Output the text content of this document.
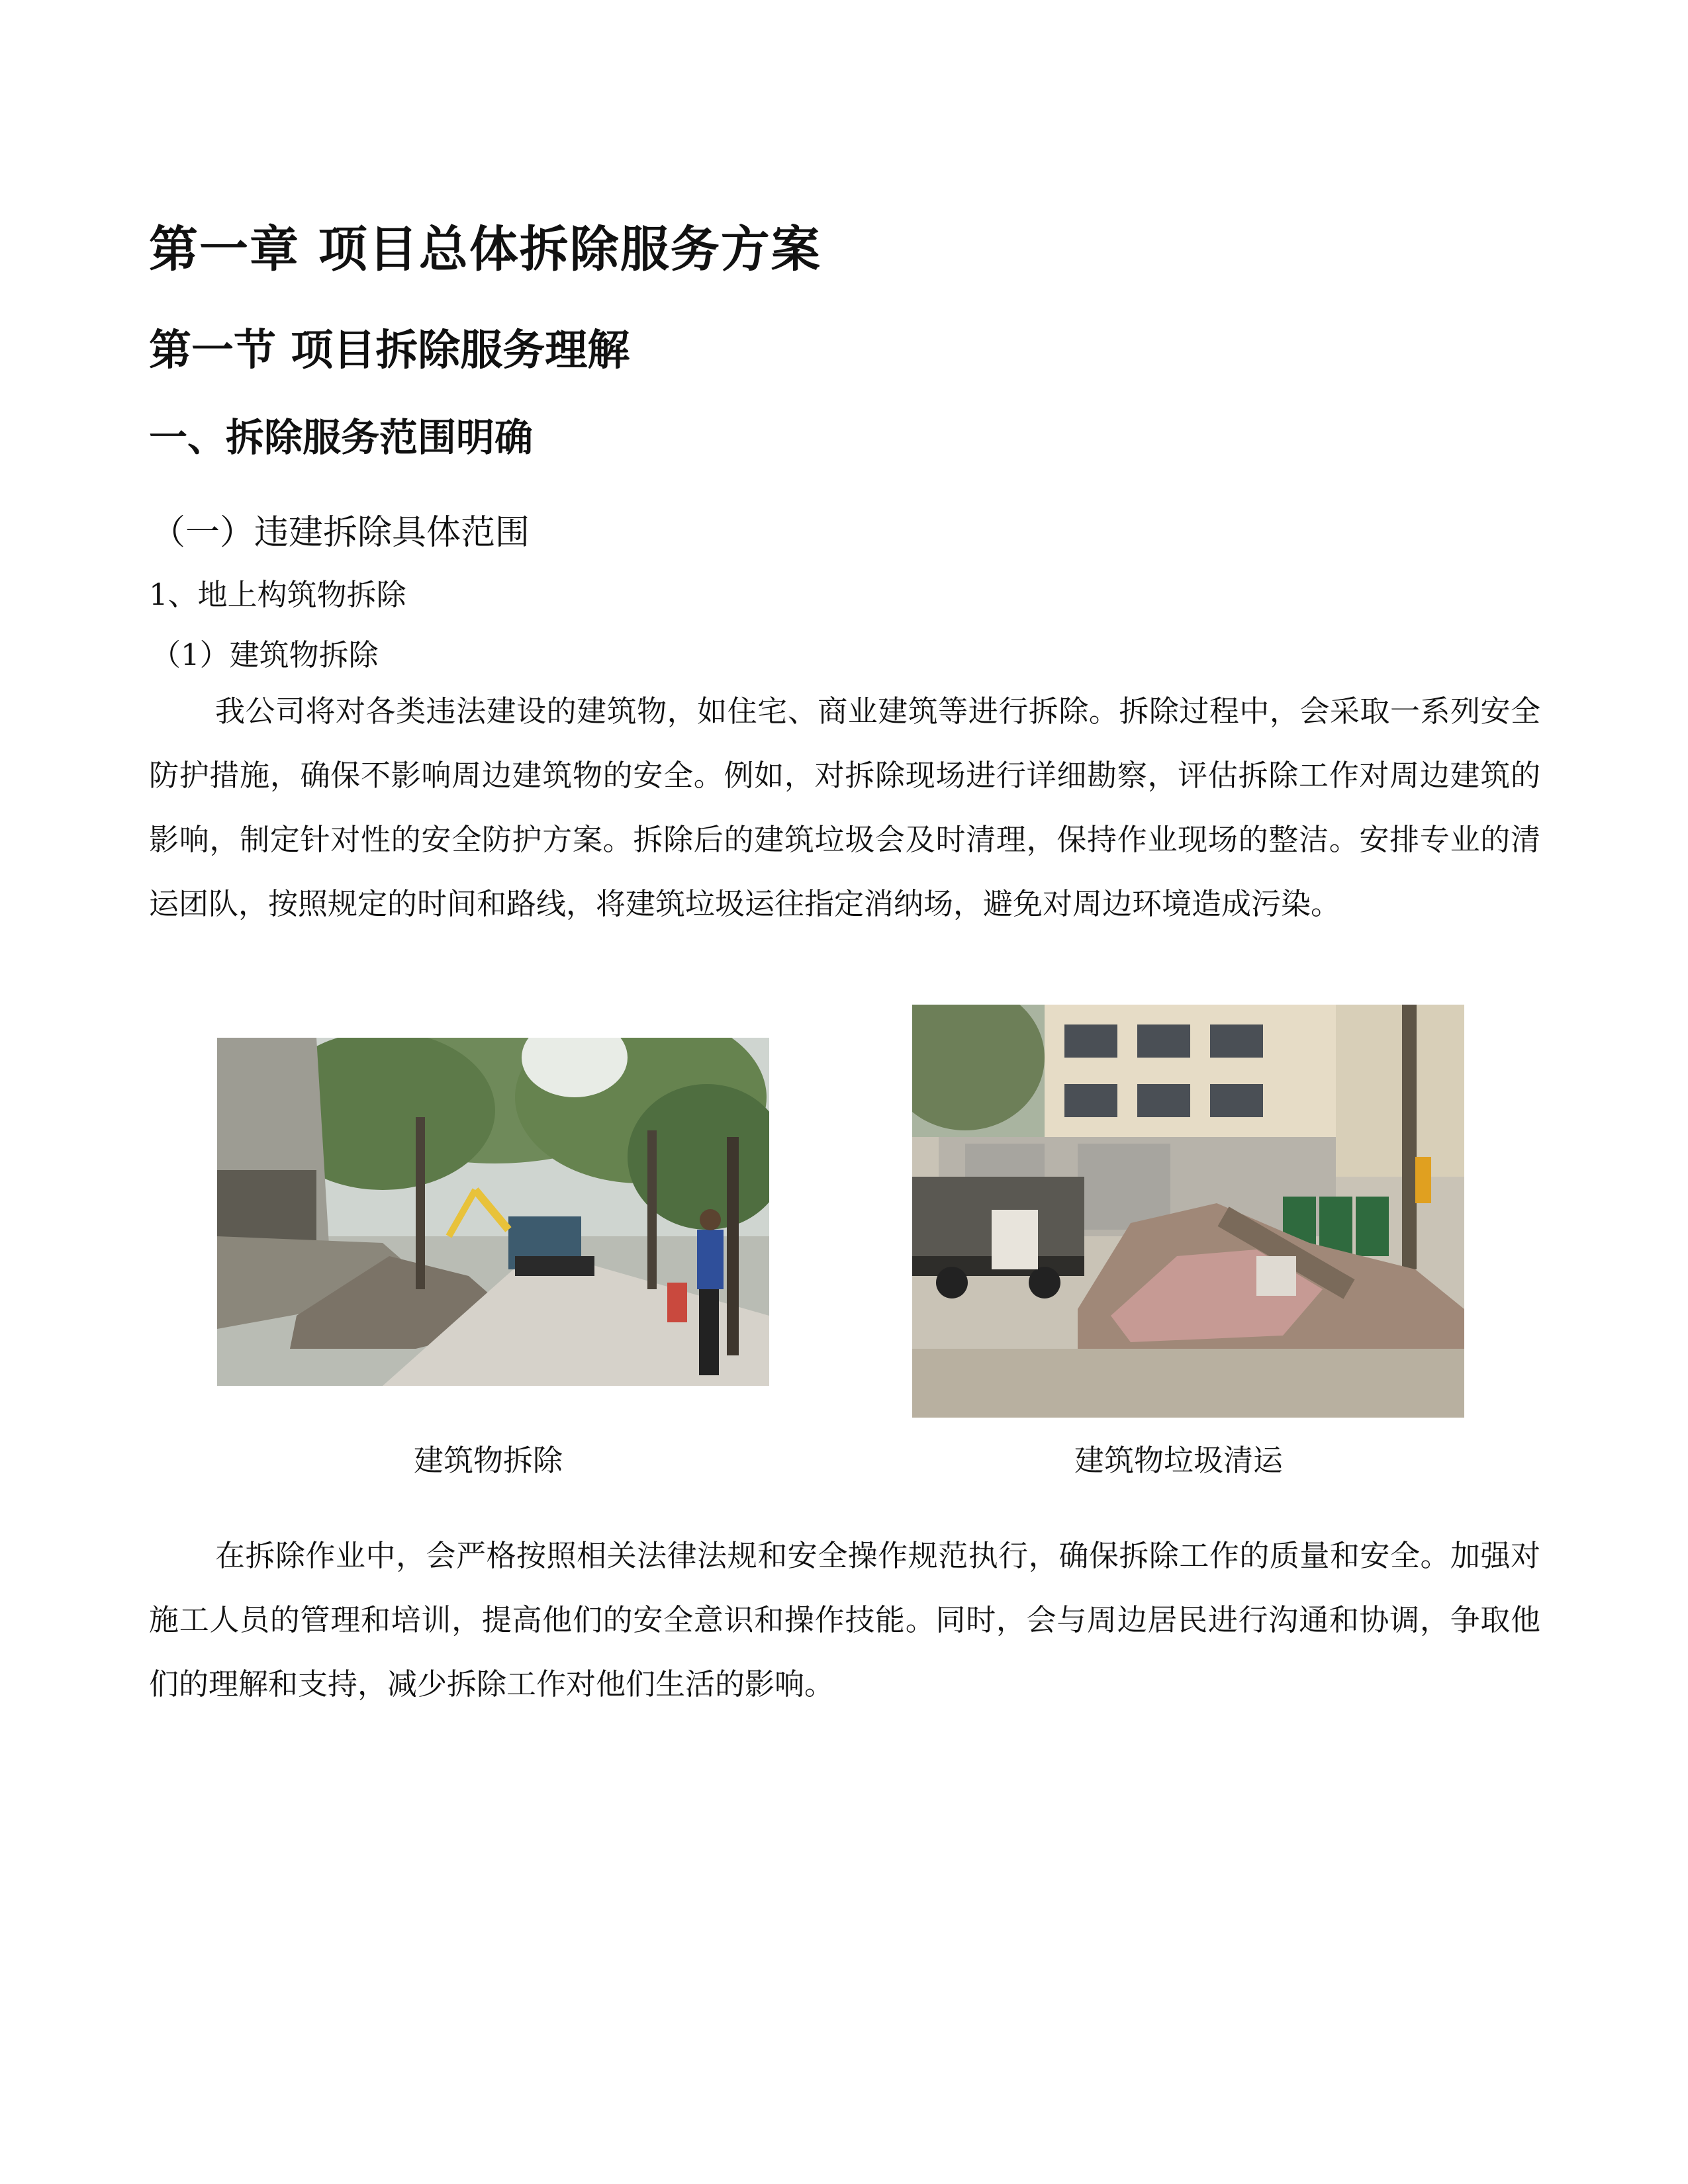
第一章 项目总体拆除服务方案
第一节 项目拆除服务理解
一、拆除服务范围明确
（一）违建拆除具体范围
1、地上构筑物拆除
（1）建筑物拆除

我公司将对各类违法建设的建筑物，如住宅、商业建筑等进行拆除。拆除过程中，会采取一系列安全防护措施，确保不影响周边建筑物的安全。例如，对拆除现场进行详细勘察，评估拆除工作对周边建筑的影响，制定针对性的安全防护方案。拆除后的建筑垃圾会及时清理，保持作业现场的整洁。安排专业的清运团队，按照规定的时间和路线，将建筑垃圾运往指定消纳场，避免对周边环境造成污染。

建筑物拆除	建筑物垃圾清运

在拆除作业中，会严格按照相关法律法规和安全操作规范执行，确保拆除工作的质量和安全。加强对施工人员的管理和培训，提高他们的安全意识和操作技能。同时，会与周边居民进行沟通和协调，争取他们的理解和支持，减少拆除工作对他们生活的影响。
